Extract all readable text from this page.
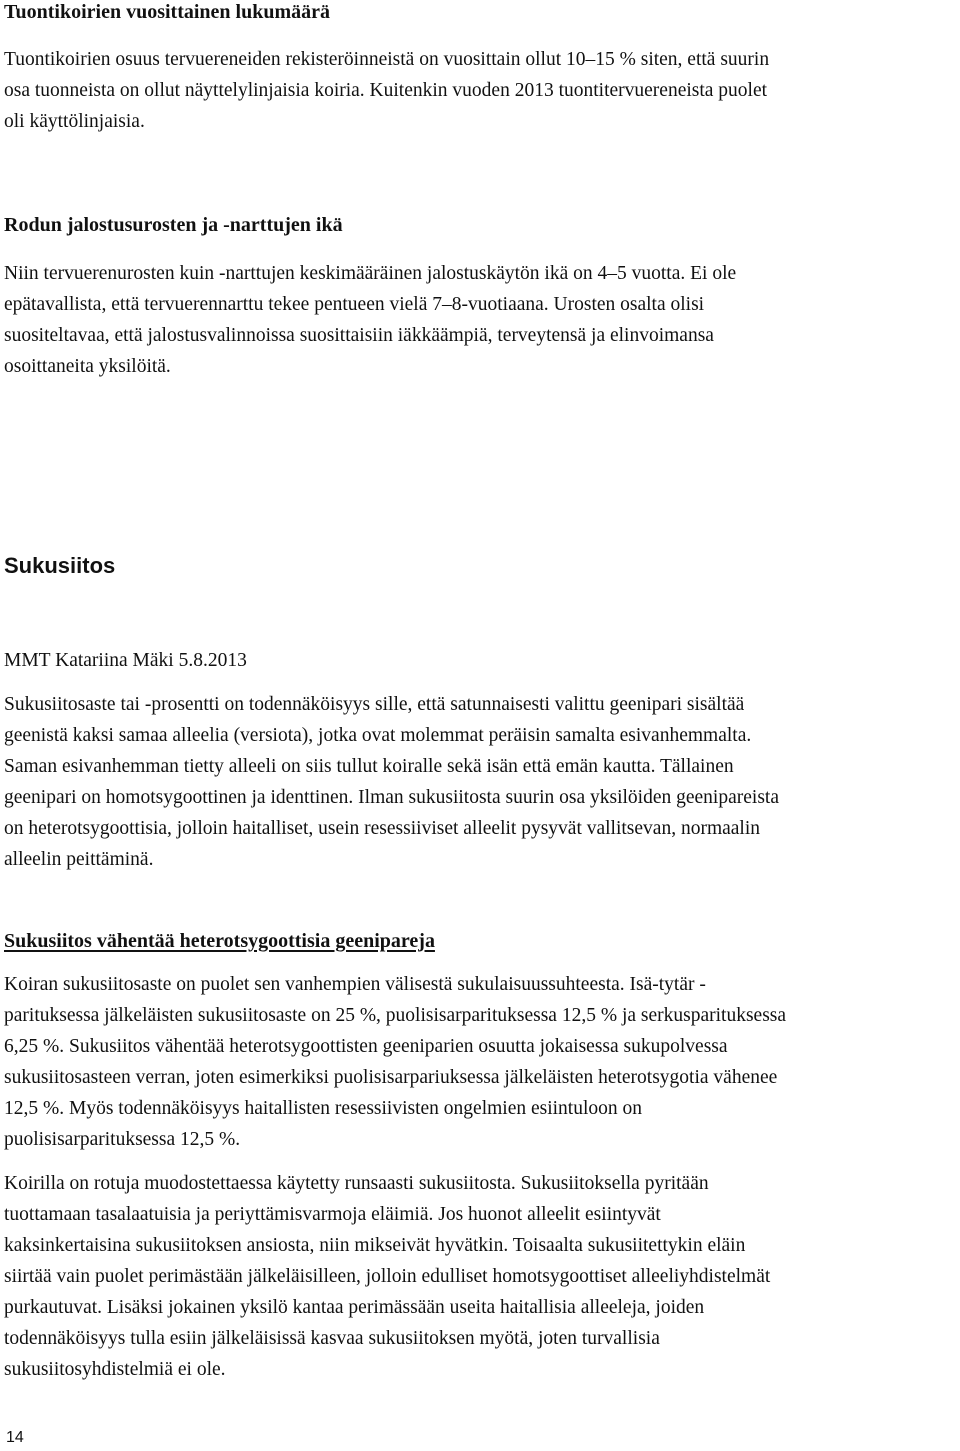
Tuontikoirien vuosittainen lukumäärä

Tuontikoirien osuus tervuereneiden rekisteröinneistä on vuosittain ollut 10–15 % siten, että suurin
osa tuonneista on ollut näyttelylinjaisia koiria. Kuitenkin vuoden 2013 tuontitervuereneista puolet
oli käyttölinjaisia.

Rodun jalostusurosten ja -narttujen ikä

Niin tervuerenurosten kuin -narttujen keskimääräinen jalostuskäytön ikä on 4–5 vuotta. Ei ole
epätavallista, että tervuerennarttu tekee pentueen vielä 7–8-vuotiaana. Urosten osalta olisi
suositeltavaa, että jalostusvalinnoissa suosittaisiin iäkkäämpiä, terveytensä ja elinvoimansa
osoittaneita yksilöitä.

Sukusiitos

MMT Katariina Mäki 5.8.2013

Sukusiitosaste tai -prosentti on todennäköisyys sille, että satunnaisesti valittu geenipari sisältää
geenistä kaksi samaa alleelia (versiota), jotka ovat molemmat peräisin samalta esivanhemmalta.
Saman esivanhemman tietty alleeli on siis tullut koiralle sekä isän että emän kautta. Tällainen
geenipari on homotsygoottinen ja identtinen. Ilman sukusiitosta suurin osa yksilöiden geenipareista
on heterotsygoottisia, jolloin haitalliset, usein resessiiviset alleelit pysyvät vallitsevan, normaalin
alleelin peittäminä.

Sukusiitos vähentää heterotsygoottisia geenipareja

Koiran sukusiitosaste on puolet sen vanhempien välisestä sukulaisuussuhteesta. Isä-tytär -
parituksessa jälkeläisten sukusiitosaste on 25 %, puolisisarparituksessa 12,5 % ja serkusparituksessa
6,25 %. Sukusiitos vähentää heterotsygoottisten geeniparien osuutta jokaisessa sukupolvessa
sukusiitosasteen verran, joten esimerkiksi puolisisarpariuksessa jälkeläisten heterotsygotia vähenee
12,5 %. Myös todennäköisyys haitallisten resessiivisten ongelmien esiintuloon on
puolisisarparituksessa 12,5 %.

Koirilla on rotuja muodostettaessa käytetty runsaasti sukusiitosta. Sukusiitoksella pyritään
tuottamaan tasalaatuisia ja periyttämisvarmoja eläimiä. Jos huonot alleelit esiintyvät
kaksinkertaisina sukusiitoksen ansiosta, niin mikseivät hyvätkin. Toisaalta sukusiitettykin eläin
siirtää vain puolet perimästään jälkeläisilleen, jolloin edulliset homotsygoottiset alleeliyhdistelmät
purkautuvat. Lisäksi jokainen yksilö kantaa perimässään useita haitallisia alleeleja, joiden
todennäköisyys tulla esiin jälkeläisissä kasvaa sukusiitoksen myötä, joten turvallisia
sukusiitosyhdistelmiä ei ole.

14
